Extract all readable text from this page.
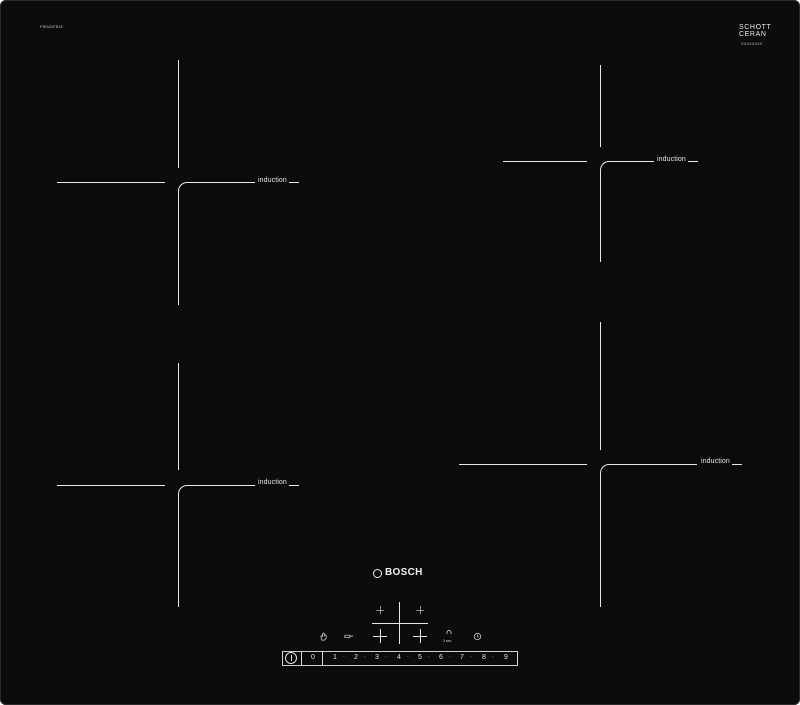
PIE631FB1E	SCHOTT
CERAN
XXXXXXXX
induction
induction
induction
induction
BOSCH
3 sec
0	1	·	2	·	3	·	4	·	5	·	6	·	7	·	8	·	9
